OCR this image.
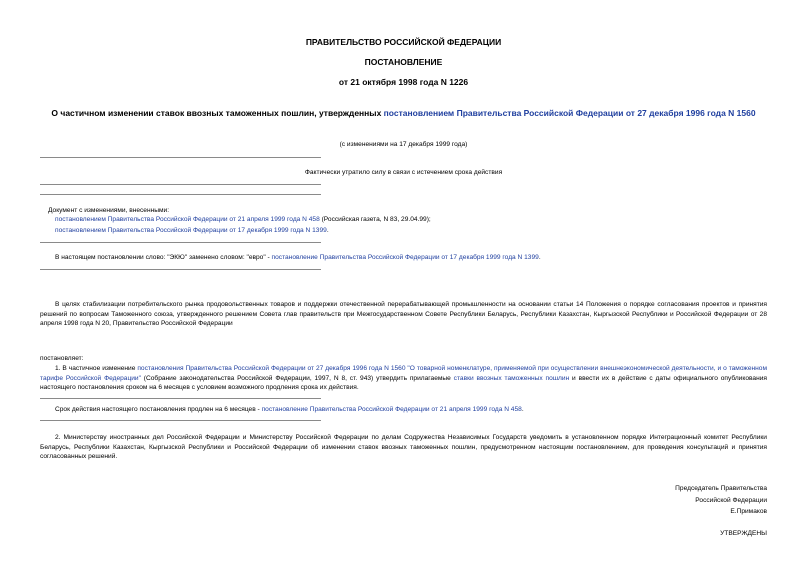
ПРАВИТЕЛЬСТВО РОССИЙСКОЙ ФЕДЕРАЦИИ
ПОСТАНОВЛЕНИЕ
от 21 октября 1998 года N 1226
О частичном изменении ставок ввозных таможенных пошлин, утвержденных постановлением Правительства Российской Федерации от 27 декабря 1996 года N 1560
(с изменениями на 17 декабря 1999 года)
Фактически утратило силу в связи с истечением срока действия
Документ с изменениями, внесенными:
постановлением Правительства Российской Федерации от 21 апреля 1999 года N 458 (Российская газета, N 83, 29.04.99);
постановлением Правительства Российской Федерации от 17 декабря 1999 года N 1399.
В настоящем постановлении слово: "ЭКЮ" заменено словом: "евро" - постановление Правительства Российской Федерации от 17 декабря 1999 года N 1399.
В целях стабилизации потребительского рынка продовольственных товаров и поддержки отечественной перерабатывающей промышленности на основании статьи 14 Положения о порядке согласования проектов и принятия решений по вопросам Таможенного союза, утвержденного решением Совета глав правительств при Межгосударственном Совете Республики Беларусь, Республики Казахстан, Кыргызской Республики и Российской Федерации от 28 апреля 1998 года N 20, Правительство Российской Федерации
постановляет:
1. В частичное изменение постановления Правительства Российской Федерации от 27 декабря 1996 года N 1560 "О товарной номенклатуре, применяемой при осуществлении внешнеэкономической деятельности, и о таможенном тарифе Российской Федерации" (Собрание законодательства Российской Федерации, 1997, N 8, ст. 943) утвердить прилагаемые ставки ввозных таможенных пошлин и ввести их в действие с даты официального опубликования настоящего постановления сроком на 6 месяцев с условием возможного продления срока их действия.
Срок действия настоящего постановления продлен на 6 месяцев - постановление Правительства Российской Федерации от 21 апреля 1999 года N 458.
2. Министерству иностранных дел Российской Федерации и Министерству Российской Федерации по делам Содружества Независимых Государств уведомить в установленном порядке Интеграционный комитет Республики Беларусь, Республики Казахстан, Кыргызской Республики и Российской Федерации об изменении ставок ввозных таможенных пошлин, предусмотренном настоящим постановлением, для проведения консультаций и принятия согласованных решений.
Председатель Правительства
Российской Федерации
Е.Примаков
УТВЕРЖДЕНЫ
